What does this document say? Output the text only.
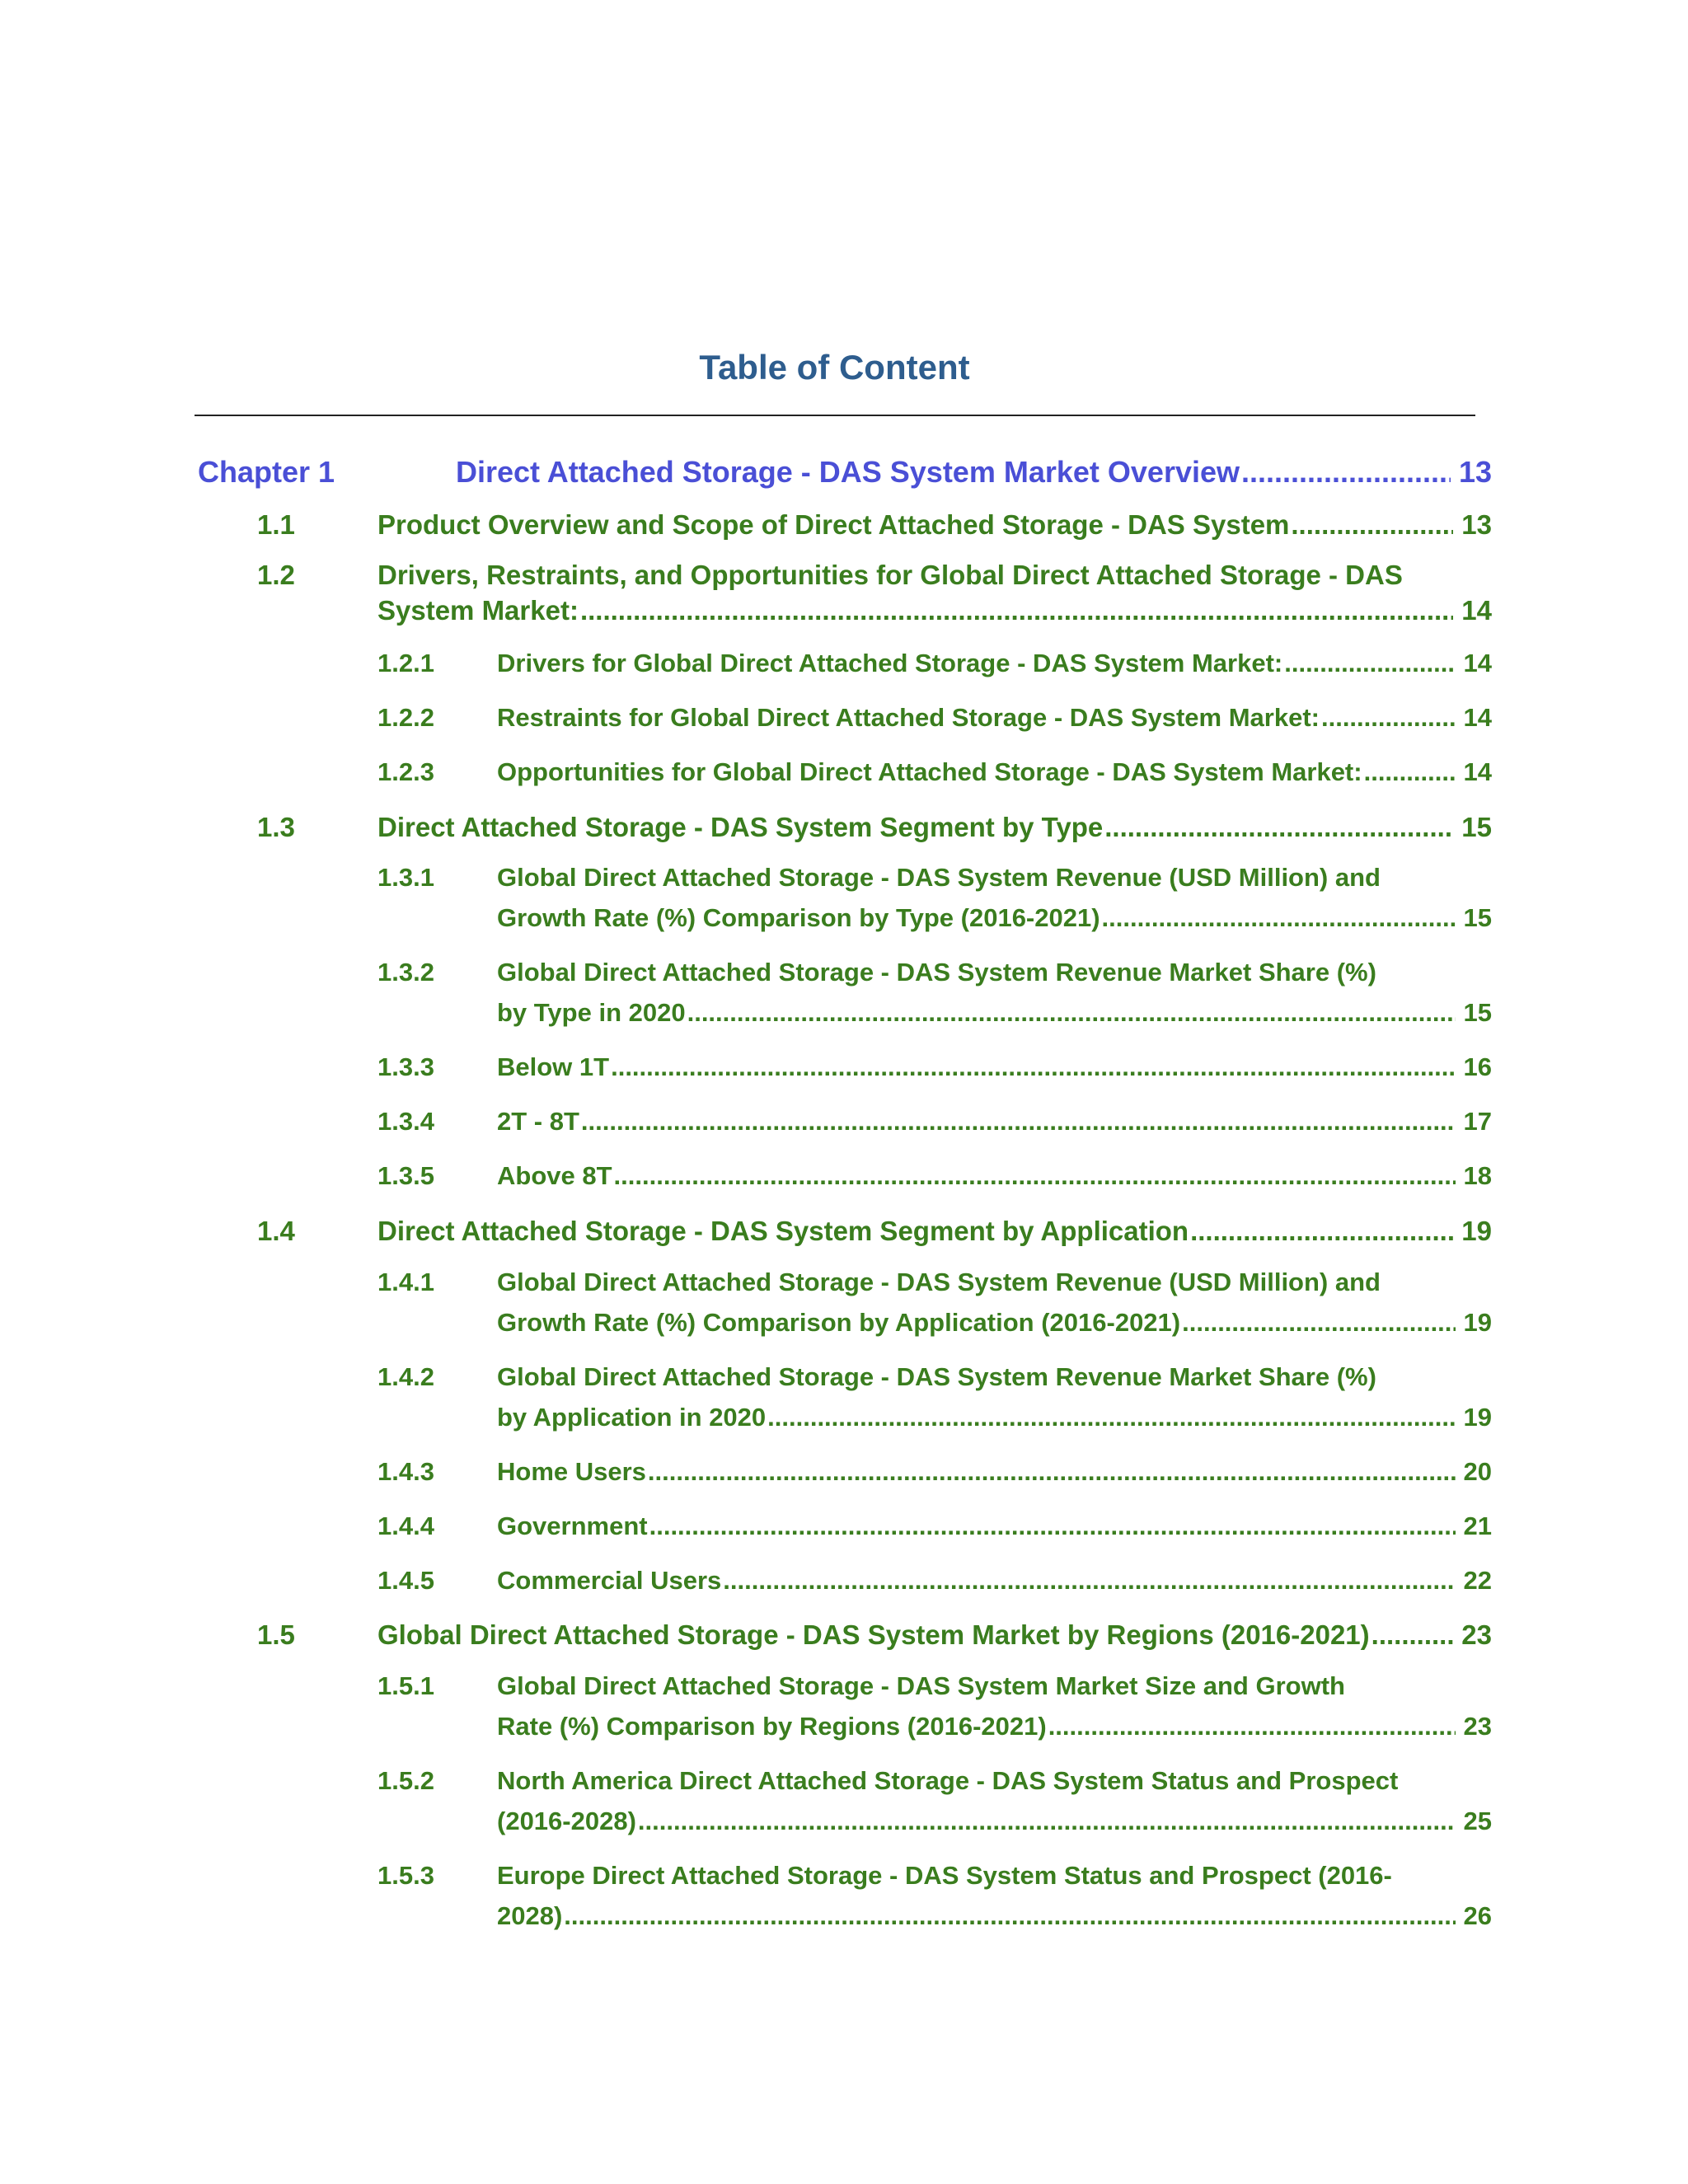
Table of Content
Chapter 1	Direct Attached Storage - DAS System Market Overview .....	13
1.1	Product Overview and Scope of Direct Attached Storage - DAS System .....	13
1.2	Drivers, Restraints, and Opportunities for Global Direct Attached Storage - DAS
System Market: .....	14
1.2.1 Drivers for Global Direct Attached Storage - DAS System Market: .....	14
1.2.2 Restraints for Global Direct Attached Storage - DAS System Market: .....	14
1.2.3 Opportunities for Global Direct Attached Storage - DAS System Market: .....	14
1.3	Direct Attached Storage - DAS System Segment by Type .....	15
1.3.1 Global Direct Attached Storage - DAS System Revenue (USD Million) and
Growth Rate (%) Comparison by Type (2016-2021) .....	15
1.3.2 Global Direct Attached Storage - DAS System Revenue Market Share (%)
by Type in 2020 .....	15
1.3.3 Below 1T .....	16
1.3.4 2T - 8T .....	17
1.3.5 Above 8T .....	18
1.4	Direct Attached Storage - DAS System Segment by Application .....	19
1.4.1 Global Direct Attached Storage - DAS System Revenue (USD Million) and
Growth Rate (%) Comparison by Application (2016-2021) .....	19
1.4.2 Global Direct Attached Storage - DAS System Revenue Market Share (%)
by Application in 2020 .....	19
1.4.3 Home Users .....	20
1.4.4 Government .....	21
1.4.5 Commercial Users .....	22
1.5	Global Direct Attached Storage - DAS System Market by Regions (2016-2021) .....	23
1.5.1 Global Direct Attached Storage - DAS System Market Size and Growth
Rate (%) Comparison by Regions (2016-2021) .....	23
1.5.2 North America Direct Attached Storage - DAS System Status and Prospect
(2016-2028) .....	25
1.5.3 Europe Direct Attached Storage - DAS System Status and Prospect (2016-
2028) .....	26
